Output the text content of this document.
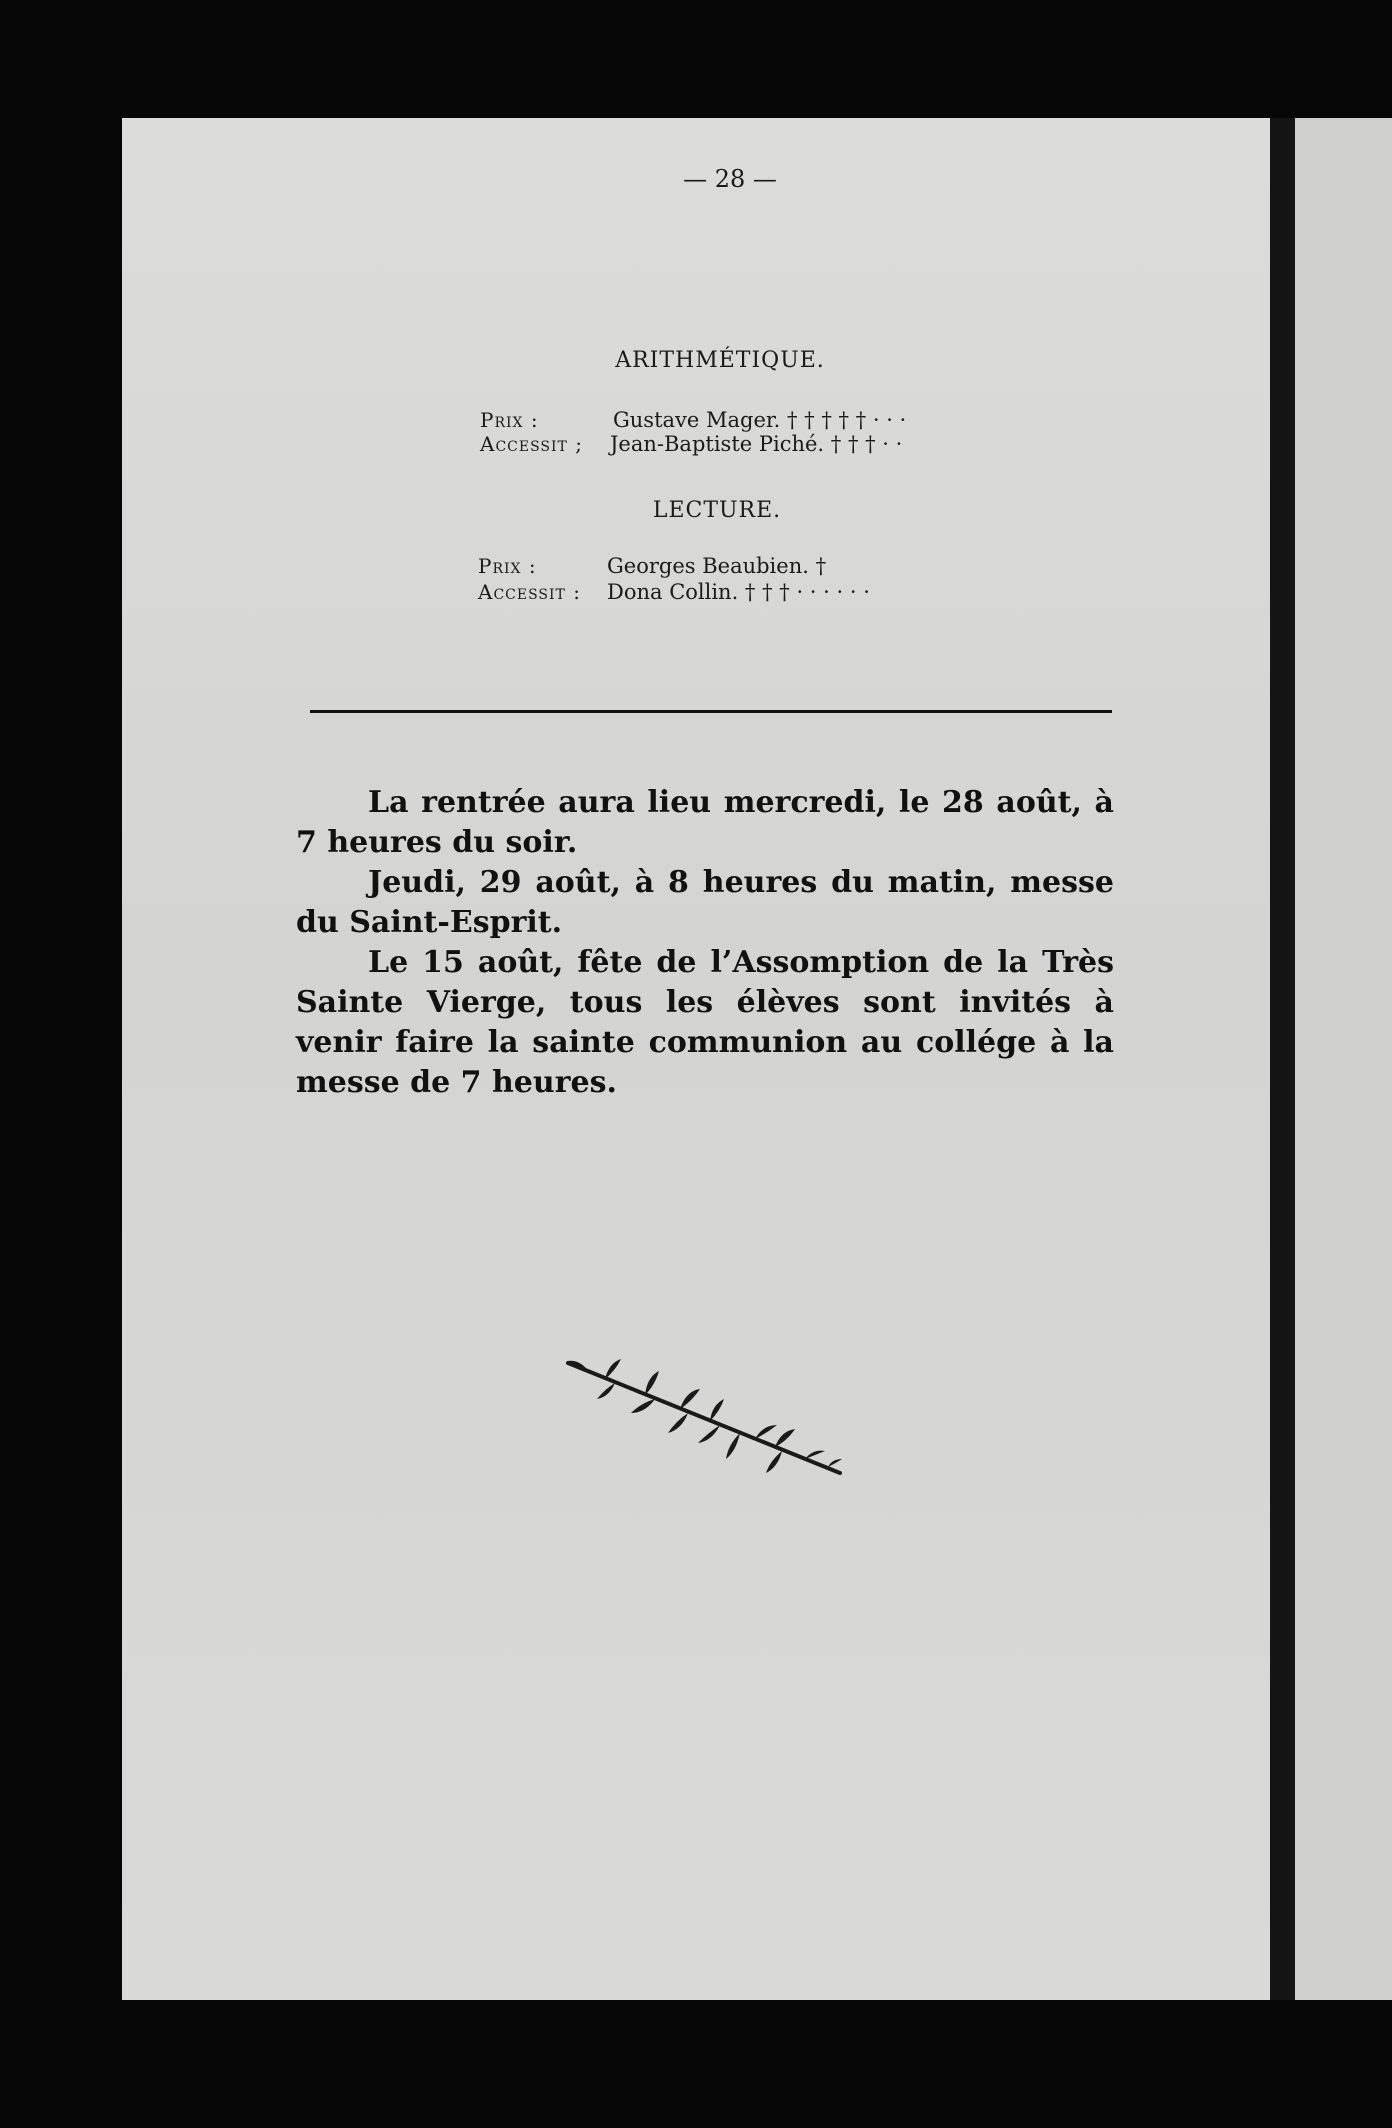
— 28 —
ARITHMÉTIQUE.
Prix :	Gustave Mager. † † † † † · · ·
Accessit ; Jean-Baptiste Piché. † † † · ·
LECTURE.
Prix :	Georges Beaubien. †
Accessit : Dona Collin. † † † · · · · · ·

La rentrée aura lieu mercredi, le 28 août, à 7 heures du soir.

Jeudi, 29 août, à 8 heures du matin, messe du Saint-Esprit.

Le 15 août, fête de l’Assomption de la Très Sainte Vierge, tous les élèves sont invités à venir faire la sainte communion au collége à la messe de 7 heures.
